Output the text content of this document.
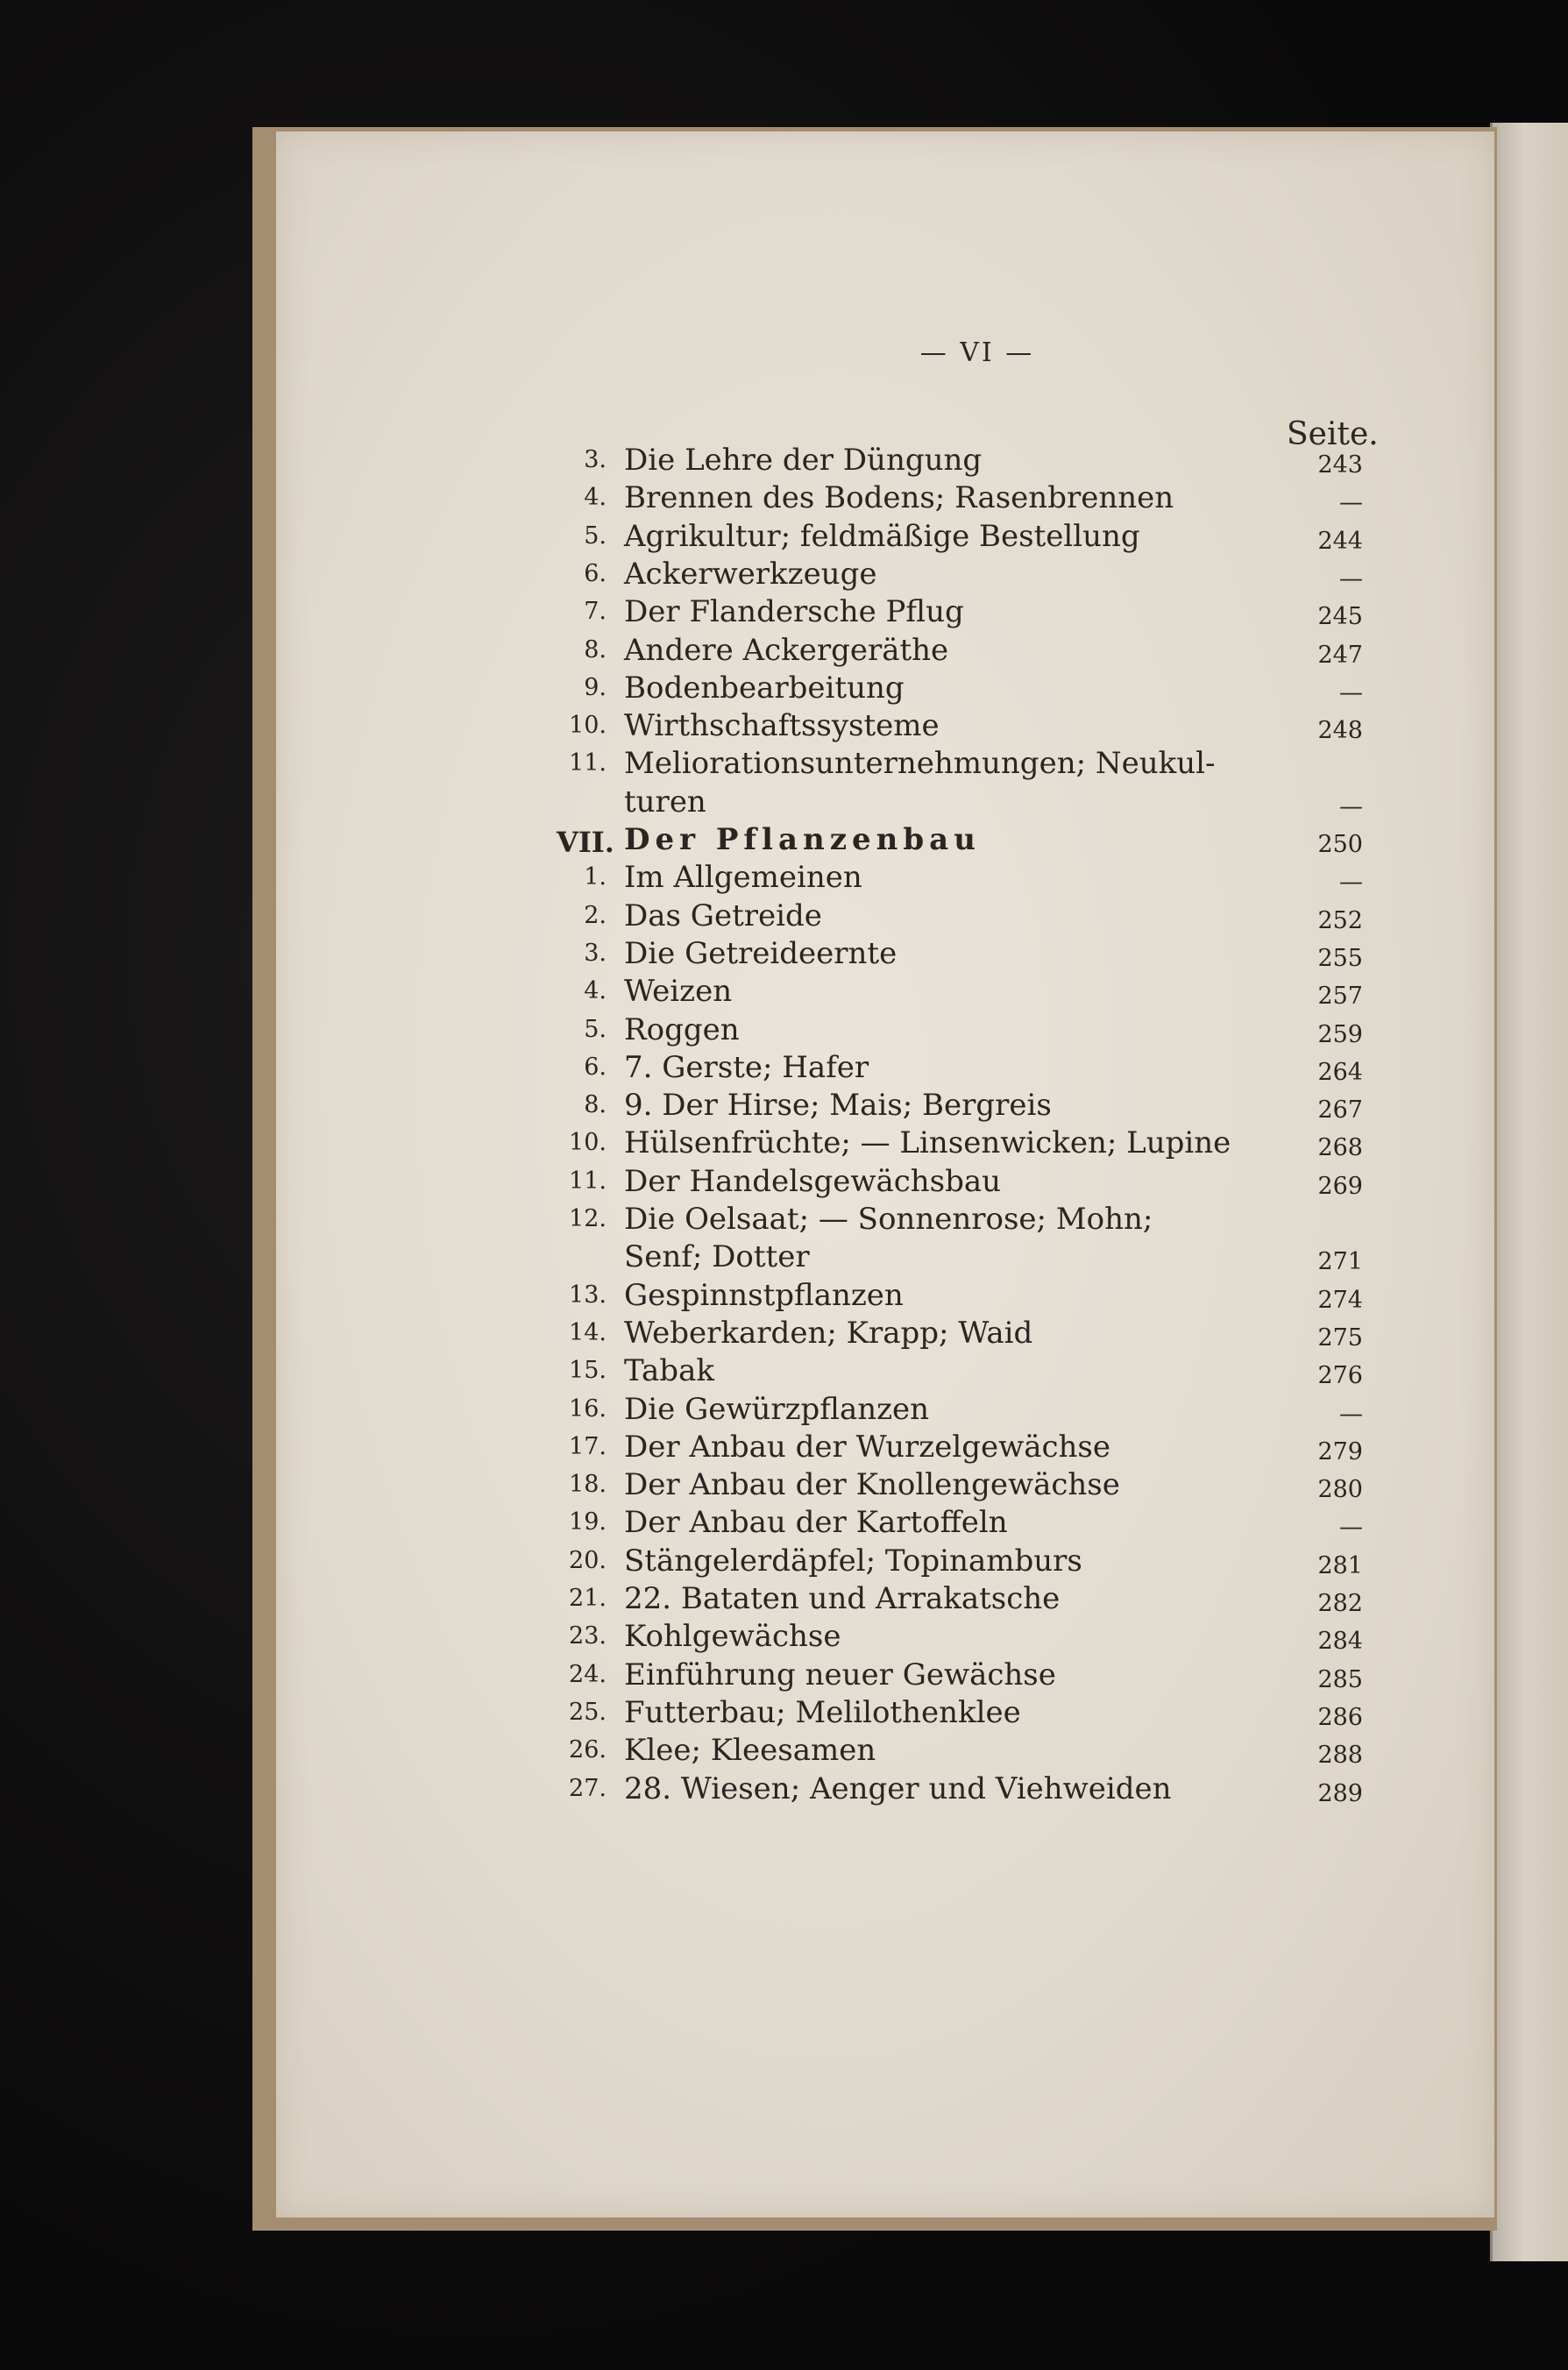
— VI —
Seite.
3. Die Lehre der Düngung	243
4. Brennen des Bodens; Rasenbrennen	—
5. Agrikultur; feldmäßige Bestellung	244
6. Ackerwerkzeuge	—
7. Der Flandersche Pflug	245
8. Andere Ackergeräthe	247
9. Bodenbearbeitung	—
10. Wirthschaftssysteme	248
11. Meliorationsunternehmungen; Neukul-
turen	—
VII. Der Pflanzenbau	250
1. Im Allgemeinen	—
2. Das Getreide	252
3. Die Getreideernte	255
4. Weizen	257
5. Roggen	259
6. 7. Gerste; Hafer	264
8. 9. Der Hirse; Mais; Bergreis	267
10. Hülsenfrüchte; — Linsenwicken; Lupine	268
11. Der Handelsgewächsbau	269
12. Die Oelsaat; — Sonnenrose; Mohn;
Senf; Dotter	271
13. Gespinnstpflanzen	274
14. Weberkarden; Krapp; Waid	275
15. Tabak	276
16. Die Gewürzpflanzen	—
17. Der Anbau der Wurzelgewächse	279
18. Der Anbau der Knollengewächse	280
19. Der Anbau der Kartoffeln	—
20. Stängelerdäpfel; Topinamburs	281
21. 22. Bataten und Arrakatsche	282
23. Kohlgewächse	284
24. Einführung neuer Gewächse	285
25. Futterbau; Melilothenklee	286
26. Klee; Kleesamen	288
27. 28. Wiesen; Aenger und Viehweiden	289
